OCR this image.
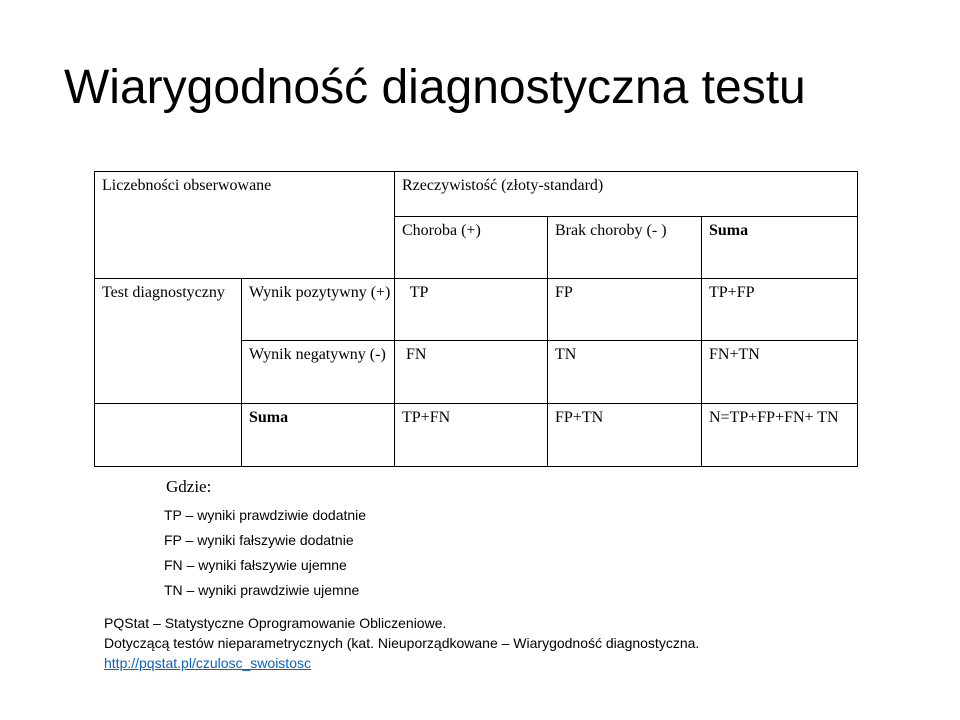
Wiarygodność diagnostyczna testu
Liczebności obserwowane		Rzeczywistość (złoty-standard)		
		Choroba (+)	Brak choroby (- )	Suma
Test diagnostyczny	Wynik pozytywny (+)	TP	FP	TP+FP
	Wynik negatywny (-)	FN	TN	FN+TN
	Suma	TP+FN	FP+TN	N=TP+FP+FN+ TN
Gdzie:
TP – wyniki prawdziwie dodatnie
FP – wyniki fałszywie dodatnie
FN – wyniki fałszywie ujemne
TN – wyniki prawdziwie ujemne
PQStat – Statystyczne Oprogramowanie Obliczeniowe.
Dotyczącą testów nieparametrycznych (kat. Nieuporządkowane – Wiarygodność diagnostyczna.
http://pqstat.pl/czulosc_swoistosc
